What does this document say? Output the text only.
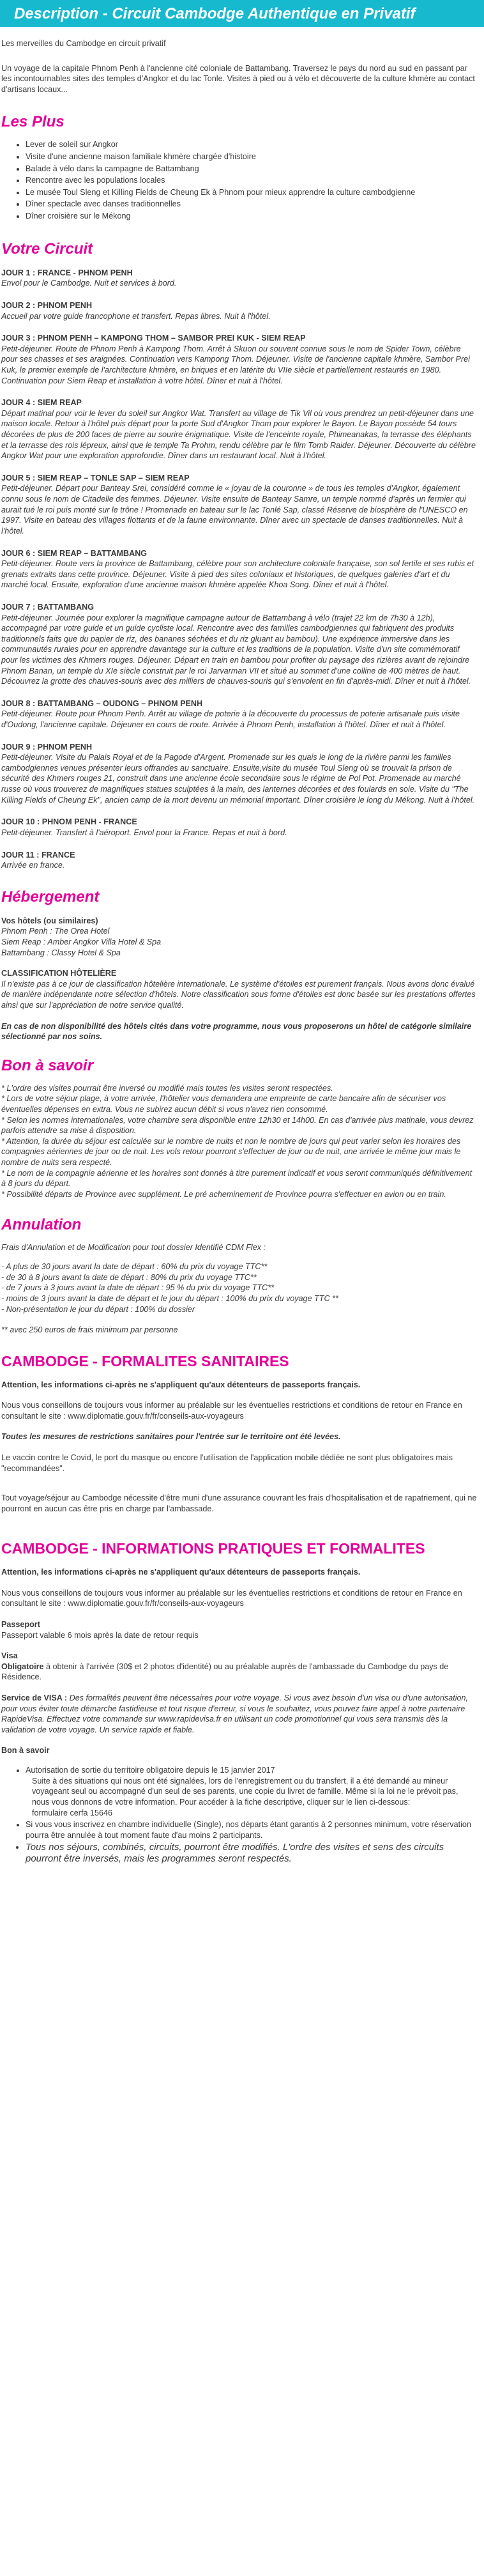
Description - Circuit Cambodge Authentique en Privatif

Les merveilles du Cambodge en circuit privatif

Un voyage de la capitale Phnom Penh à l'ancienne cité coloniale de Battambang. Traversez le pays du nord au sud en passant par les incontournables sites des temples d'Angkor et du lac Tonle. Visites à pied ou à vélo et découverte de la culture khmère au contact d'artisans locaux...

Les Plus
• Lever de soleil sur Angkor
• Visite d'une ancienne maison familiale khmère chargée d'histoire
• Balade à vélo dans la campagne de Battambang
• Rencontre avec les populations locales
• Le musée Toul Sleng et Killing Fields de Cheung Ek à Phnom pour mieux apprendre la culture cambodgienne
• Dîner spectacle avec danses traditionnelles
• Dîner croisière sur le Mékong
Votre Circuit
JOUR 1 : FRANCE - PHNOM PENH
Envol pour le Cambodge. Nuit et services à bord.
JOUR 2 : PHNOM PENH
Accueil par votre guide francophone et transfert. Repas libres. Nuit à l'hôtel.
JOUR 3 : PHNOM PENH – KAMPONG THOM – SAMBOR PREI KUK - SIEM REAP
Petit-déjeuner. Route de Phnom Penh à Kampong Thom. Arrêt à Skuon ou souvent connue sous le nom de Spider Town, célèbre pour ses chasses et ses araignées. Continuation vers Kampong Thom. Déjeuner. Visite de l'ancienne capitale khmère, Sambor Prei Kuk, le premier exemple de l'architecture khmère, en briques et en latérite du VIIe siècle et partiellement restaurés en 1980. Continuation pour Siem Reap et installation à votre hôtel. Dîner et nuit à l'hôtel.
JOUR 4 : SIEM REAP
Départ matinal pour voir le lever du soleil sur Angkor Wat. Transfert au village de Tik Vil où vous prendrez un petit-déjeuner dans une maison locale. Retour à l'hôtel puis départ pour la porte Sud d'Angkor Thom pour explorer le Bayon. Le Bayon possède 54 tours décorées de plus de 200 faces de pierre au sourire énigmatique. Visite de l'enceinte royale, Phimeanakas, la terrasse des éléphants et la terrasse des rois lépreux, ainsi que le temple Ta Prohm, rendu célèbre par le film Tomb Raider. Déjeuner. Découverte du célèbre Angkor Wat pour une exploration approfondie. Dîner dans un restaurant local. Nuit à l'hôtel.
JOUR 5 : SIEM REAP – TONLE SAP – SIEM REAP
Petit-déjeuner. Départ pour Banteay Srei, considéré comme le « joyau de la couronne » de tous les temples d'Angkor, également connu sous le nom de Citadelle des femmes. Déjeuner. Visite ensuite de Banteay Samre, un temple nommé d'après un fermier qui aurait tué le roi puis monté sur le trône ! Promenade en bateau sur le lac Tonlé Sap, classé Réserve de biosphère de l'UNESCO en 1997. Visite en bateau des villages flottants et de la faune environnante. Dîner avec un spectacle de danses traditionnelles. Nuit à l'hôtel.
JOUR 6 : SIEM REAP – BATTAMBANG
Petit-déjeuner. Route vers la province de Battambang, célèbre pour son architecture coloniale française, son sol fertile et ses rubis et grenats extraits dans cette province. Déjeuner. Visite à pied des sites coloniaux et historiques, de quelques galeries d'art et du marché local. Ensuite, exploration d'une ancienne maison khmère appelée Khoa Song. Dîner et nuit à l'hôtel.
JOUR 7 : BATTAMBANG
Petit-déjeuner. Journée pour explorer la magnifique campagne autour de Battambang à vélo (trajet 22 km de 7h30 à 12h), accompagné par votre guide et un guide cycliste local. Rencontre avec des familles cambodgiennes qui fabriquent des produits traditionnels faits que du papier de riz, des bananes séchées et du riz gluant au bambou). Une expérience immersive dans les communautés rurales pour en apprendre davantage sur la culture et les traditions de la population. Visite d'un site commémoratif pour les victimes des Khmers rouges. Déjeuner. Départ en train en bambou pour profiter du paysage des rizières avant de rejoindre Phnom Banan, un temple du XIe siècle construit par le roi Jarvarman VII et situé au sommet d'une colline de 400 mètres de haut. Découvrez la grotte des chauves-souris avec des milliers de chauves-souris qui s'envolent en fin d'après-midi. Dîner et nuit à l'hôtel.
JOUR 8 : BATTAMBANG – OUDONG – PHNOM PENH
Petit-déjeuner. Route pour Phnom Penh. Arrêt au village de poterie à la découverte du processus de poterie artisanale puis visite d'Oudong, l'ancienne capitale. Déjeuner en cours de route. Arrivée à Phnom Penh, installation à l'hôtel. Dîner et nuit à l'hôtel.
JOUR 9 : PHNOM PENH
Petit-déjeuner. Visite du Palais Royal et de la Pagode d'Argent. Promenade sur les quais le long de la rivière parmi les familles cambodgiennes venues présenter leurs offrandes au sanctuaire. Ensuite,visite du musée Toul Sleng où se trouvait la prison de sécurité des Khmers rouges 21, construit dans une ancienne école secondaire sous le régime de Pol Pot. Promenade au marché russe où vous trouverez de magnifiques statues sculptées à la main, des lanternes décorées et des foulards en soie. Visite du "The Killing Fields of Cheung Ek", ancien camp de la mort devenu un mémorial important. Dîner croisière le long du Mékong. Nuit à l'hôtel.
JOUR 10 : PHNOM PENH - FRANCE
Petit-déjeuner. Transfert à l'aéroport. Envol pour la France. Repas et nuit à bord.
JOUR 11 : FRANCE
Arrivée en france.
Hébergement
Vos hôtels (ou similaires)
Phnom Penh : The Orea Hotel
Siem Reap : Amber Angkor Villa Hotel & Spa
Battambang : Classy Hotel & Spa
CLASSIFICATION HÔTELIÈRE
Il n'existe pas à ce jour de classification hôtelière internationale. Le système d'étoiles est purement français. Nous avons donc évalué de manière indépendante notre sélection d'hôtels. Notre classification sous forme d'étoiles est donc basée sur les prestations offertes ainsi que sur l'appréciation de notre service qualité.
En cas de non disponibilité des hôtels cités dans votre programme, nous vous proposerons un hôtel de catégorie similaire sélectionné par nos soins.
Bon à savoir
* L'ordre des visites pourrait être inversé ou modifié mais toutes les visites seront respectées.
* Lors de votre séjour plage, à votre arrivée, l'hôtelier vous demandera une empreinte de carte bancaire afin de sécuriser vos éventuelles dépenses en extra. Vous ne subirez aucun débit si vous n'avez rien consommé.
* Selon les normes internationales, votre chambre sera disponible entre 12h30 et 14h00. En cas d'arrivée plus matinale, vous devrez parfois attendre sa mise à disposition.
* Attention, la durée du séjour est calculée sur le nombre de nuits et non le nombre de jours qui peut varier selon les horaires des compagnies aériennes de jour ou de nuit. Les vols retour pourront s'effectuer de jour ou de nuit, une arrivée le même jour mais le nombre de nuits sera respecté.
* Le nom de la compagnie aérienne et les horaires sont donnés à titre purement indicatif et vous seront communiqués définitivement à 8 jours du départ.
* Possibilité départs de Province avec supplément. Le pré acheminement de Province pourra s'effectuer en avion ou en train.
Annulation
Frais d'Annulation et de Modification pour tout dossier Identifié CDM Flex :
- A plus de 30 jours avant la date de départ : 60% du prix du voyage TTC**
- de 30 à 8 jours avant la date de départ : 80% du prix du voyage TTC**
- de 7 jours à 3 jours avant la date de départ : 95 % du prix du voyage TTC**
- moins de 3 jours avant la date de départ et le jour du départ : 100% du prix du voyage TTC **
- Non-présentation le jour du départ : 100% du dossier
** avec 250 euros de frais minimum par personne
CAMBODGE - FORMALITES SANITAIRES
Attention, les informations ci-après ne s'appliquent qu'aux détenteurs de passeports français.
Nous vous conseillons de toujours vous informer au préalable sur les éventuelles restrictions et conditions de retour en France en consultant le site : www.diplomatie.gouv.fr/fr/conseils-aux-voyageurs
Toutes les mesures de restrictions sanitaires pour l'entrée sur le territoire ont été levées.
Le vaccin contre le Covid, le port du masque ou encore l'utilisation de l'application mobile dédiée ne sont plus obligatoires mais "recommandées".
Tout voyage/séjour au Cambodge nécessite d'être muni d'une assurance couvrant les frais d'hospitalisation et de rapatriement, qui ne pourront en aucun cas être pris en charge par l'ambassade.
CAMBODGE - INFORMATIONS PRATIQUES ET FORMALITES
Attention, les informations ci-après ne s'appliquent qu'aux détenteurs de passeports français.
Nous vous conseillons de toujours vous informer au préalable sur les éventuelles restrictions et conditions de retour en France en consultant le site : www.diplomatie.gouv.fr/fr/conseils-aux-voyageurs
Passeport
Passeport valable 6 mois après la date de retour requis
Visa
Obligatoire à obtenir à l'arrivée (30$ et 2 photos d'identité) ou au préalable auprès de l'ambassade du Cambodge du pays de Résidence.
Service de VISA : Des formalités peuvent être nécessaires pour votre voyage. Si vous avez besoin d'un visa ou d'une autorisation, pour vous éviter toute démarche fastidieuse et tout risque d'erreur, si vous le souhaitez, vous pouvez faire appel à notre partenaire RapideVisa. Effectuez votre commande sur www.rapidevisa.fr en utilisant un code promotionnel qui vous sera transmis dès la validation de votre voyage. Un service rapide et fiable.
Bon à savoir
• Autorisation de sortie du territoire obligatoire depuis le 15 janvier 2017
Suite à des situations qui nous ont été signalées, lors de l'enregistrement ou du transfert, il a été demandé au mineur voyageant seul ou accompagné d'un seul de ses parents, une copie du livret de famille. Même si la loi ne le prévoit pas, nous vous donnons de votre information. Pour accéder à la fiche descriptive, cliquer sur le lien ci-dessous:
formulaire cerfa 15646
• Si vous vous inscrivez en chambre individuelle (Single), nos départs étant garantis à 2 personnes minimum, votre réservation pourra être annulée à tout moment faute d'au moins 2 participants.
• Tous nos séjours, combinés, circuits, pourront être modifiés. L'ordre des visites et sens des circuits pourront être inversés, mais les programmes seront respectés.
